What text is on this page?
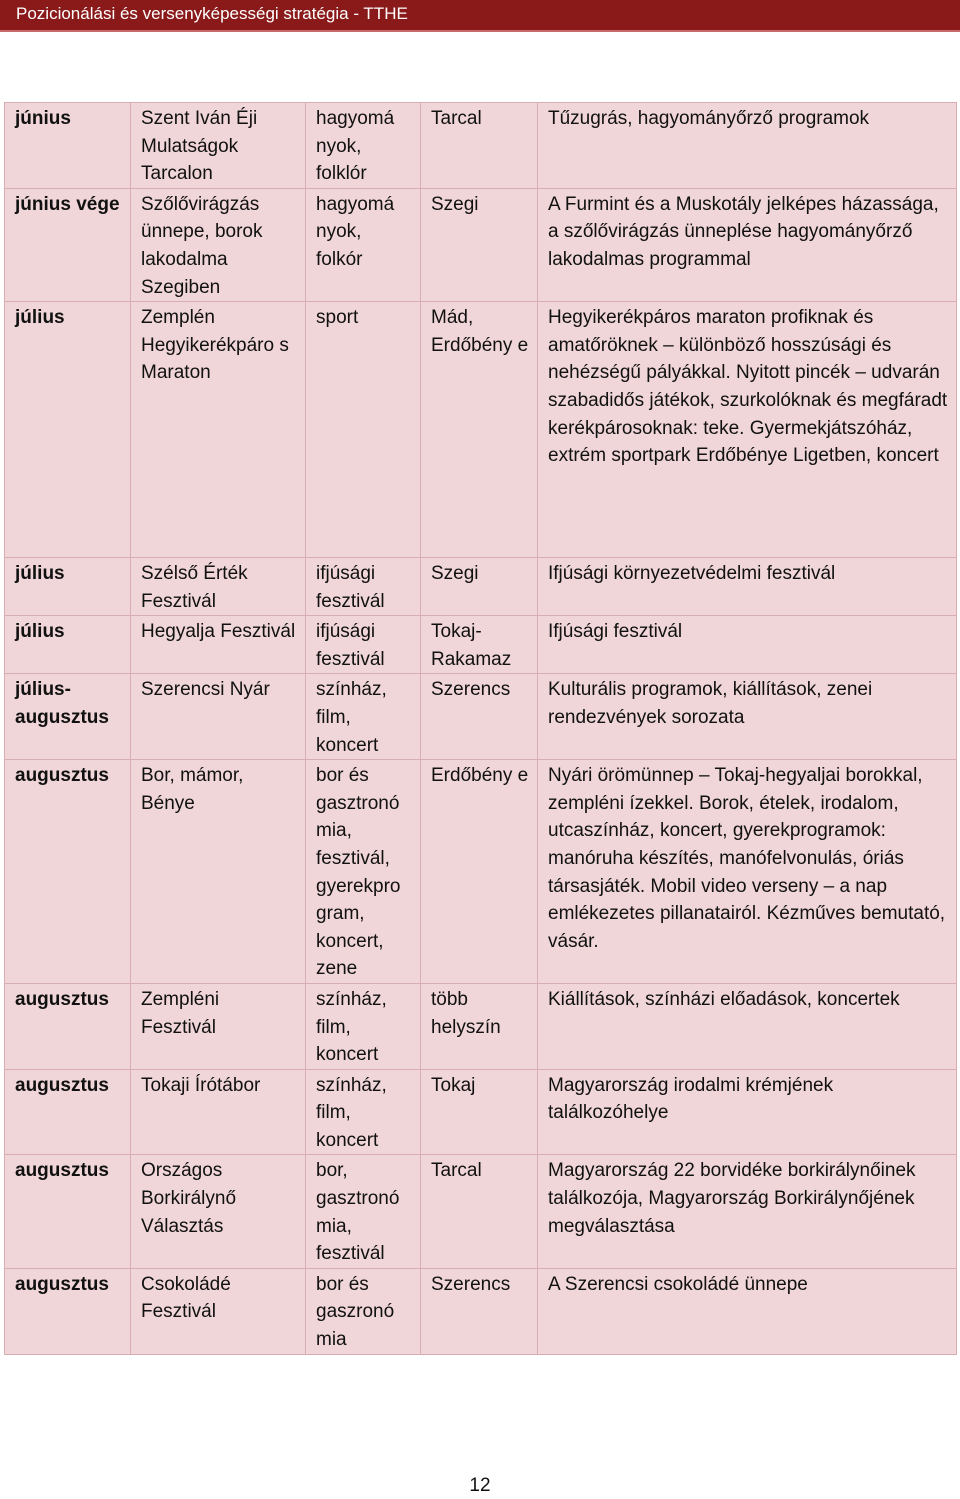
Pozicionálási és versenyképességi stratégia - TTHE
június	Szent Iván Éji Mulatságok Tarcalon	hagyomá nyok, folklór	Tarcal	Tűzugrás, hagyományőrző programok
június vége	Szőlővirágzás ünnepe, borok lakodalma Szegiben	hagyomá nyok, folkór	Szegi	A Furmint és a Muskotály jelképes házassága, a szőlővirágzás ünneplése hagyományőrző lakodalmas programmal
július	Zemplén Hegyikerékpáro s Maraton	sport	Mád, Erdőbény e	Hegyikerékpáros maraton profiknak és amatőröknek – különböző hosszúsági és nehézségű pályákkal. Nyitott pincék – udvarán szabadidős játékok, szurkolóknak és megfáradt kerékpárosoknak: teke. Gyermekjátszóház, extrém sportpark Erdőbénye Ligetben, koncert
július	Szélső Érték Fesztivál	ifjúsági fesztivál	Szegi	Ifjúsági környezetvédelmi fesztivál
július	Hegyalja Fesztivál	ifjúsági fesztivál	Tokaj-Rakamaz	Ifjúsági fesztivál
július-augusztus	Szerencsi Nyár	színház, film, koncert	Szerencs	Kulturális programok, kiállítások, zenei rendezvények sorozata
augusztus	Bor, mámor, Bénye	bor és gasztronó mia, fesztivál, gyerekpro gram, koncert, zene	Erdőbény e	Nyári örömünnep – Tokaj-hegyaljai borokkal, zempléni ízekkel. Borok, ételek, irodalom, utcaszínház, koncert, gyerekprogramok: manóruha készítés, manófelvonulás, óriás társasjáték. Mobil video verseny – a nap emlékezetes pillanatairól. Kézműves bemutató, vásár.
augusztus	Zempléni Fesztivál	színház, film, koncert	több helyszín	Kiállítások, színházi előadások, koncertek
augusztus	Tokaji Írótábor	színház, film, koncert	Tokaj	Magyarország irodalmi krémjének találkozóhelye
augusztus	Országos Borkirálynő Választás	bor, gasztronó mia, fesztivál	Tarcal	Magyarország 22 borvidéke borkirálynőinek találkozója, Magyarország Borkirálynőjének megválasztása
augusztus	Csokoládé Fesztivál	bor és gaszronó mia	Szerencs	A Szerencsi csokoládé ünnepe
12
